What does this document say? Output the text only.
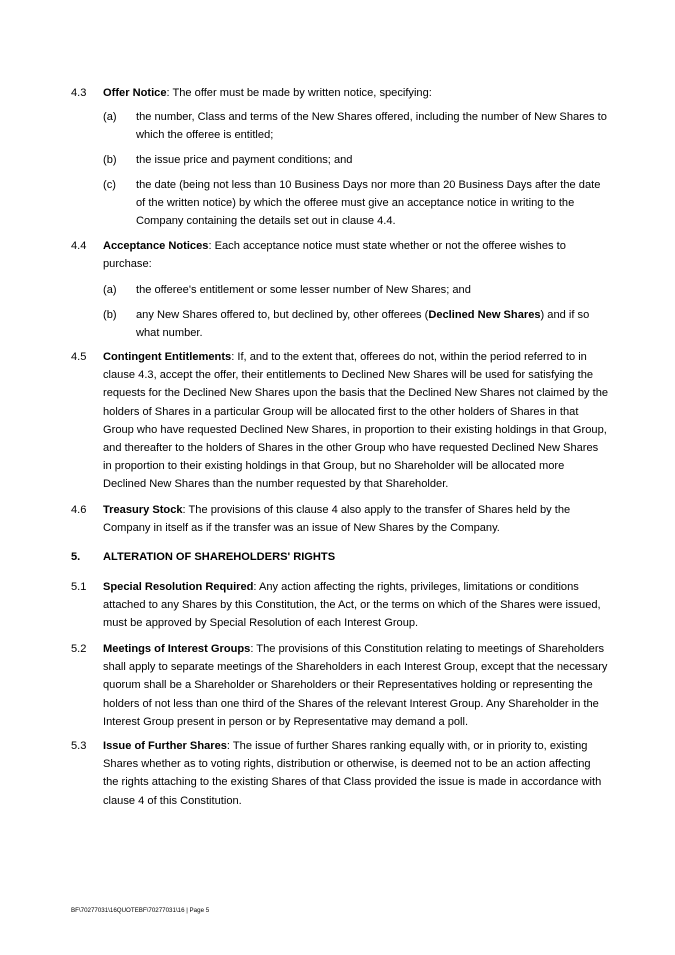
4.3 Offer Notice: The offer must be made by written notice, specifying:
(a) the number, Class and terms of the New Shares offered, including the number of New Shares to which the offeree is entitled;
(b) the issue price and payment conditions; and
(c) the date (being not less than 10 Business Days nor more than 20 Business Days after the date of the written notice) by which the offeree must give an acceptance notice in writing to the Company containing the details set out in clause 4.4.
4.4 Acceptance Notices: Each acceptance notice must state whether or not the offeree wishes to purchase:
(a) the offeree's entitlement or some lesser number of New Shares; and
(b) any New Shares offered to, but declined by, other offerees (Declined New Shares) and if so what number.
4.5 Contingent Entitlements: If, and to the extent that, offerees do not, within the period referred to in clause 4.3, accept the offer, their entitlements to Declined New Shares will be used for satisfying the requests for the Declined New Shares upon the basis that the Declined New Shares not claimed by the holders of Shares in a particular Group will be allocated first to the other holders of Shares in that Group who have requested Declined New Shares, in proportion to their existing holdings in that Group, and thereafter to the holders of Shares in the other Group who have requested Declined New Shares in proportion to their existing holdings in that Group, but no Shareholder will be allocated more Declined New Shares than the number requested by that Shareholder.
4.6 Treasury Stock: The provisions of this clause 4 also apply to the transfer of Shares held by the Company in itself as if the transfer was an issue of New Shares by the Company.
5. ALTERATION OF SHAREHOLDERS' RIGHTS
5.1 Special Resolution Required: Any action affecting the rights, privileges, limitations or conditions attached to any Shares by this Constitution, the Act, or the terms on which of the Shares were issued, must be approved by Special Resolution of each Interest Group.
5.2 Meetings of Interest Groups: The provisions of this Constitution relating to meetings of Shareholders shall apply to separate meetings of the Shareholders in each Interest Group, except that the necessary quorum shall be a Shareholder or Shareholders or their Representatives holding or representing the holders of not less than one third of the Shares of the relevant Interest Group. Any Shareholder in the Interest Group present in person or by Representative may demand a poll.
5.3 Issue of Further Shares: The issue of further Shares ranking equally with, or in priority to, existing Shares whether as to voting rights, distribution or otherwise, is deemed not to be an action affecting the rights attaching to the existing Shares of that Class provided the issue is made in accordance with clause 4 of this Constitution.
BF\70277031\16QUOTEBF\70277031\16 | Page 5
